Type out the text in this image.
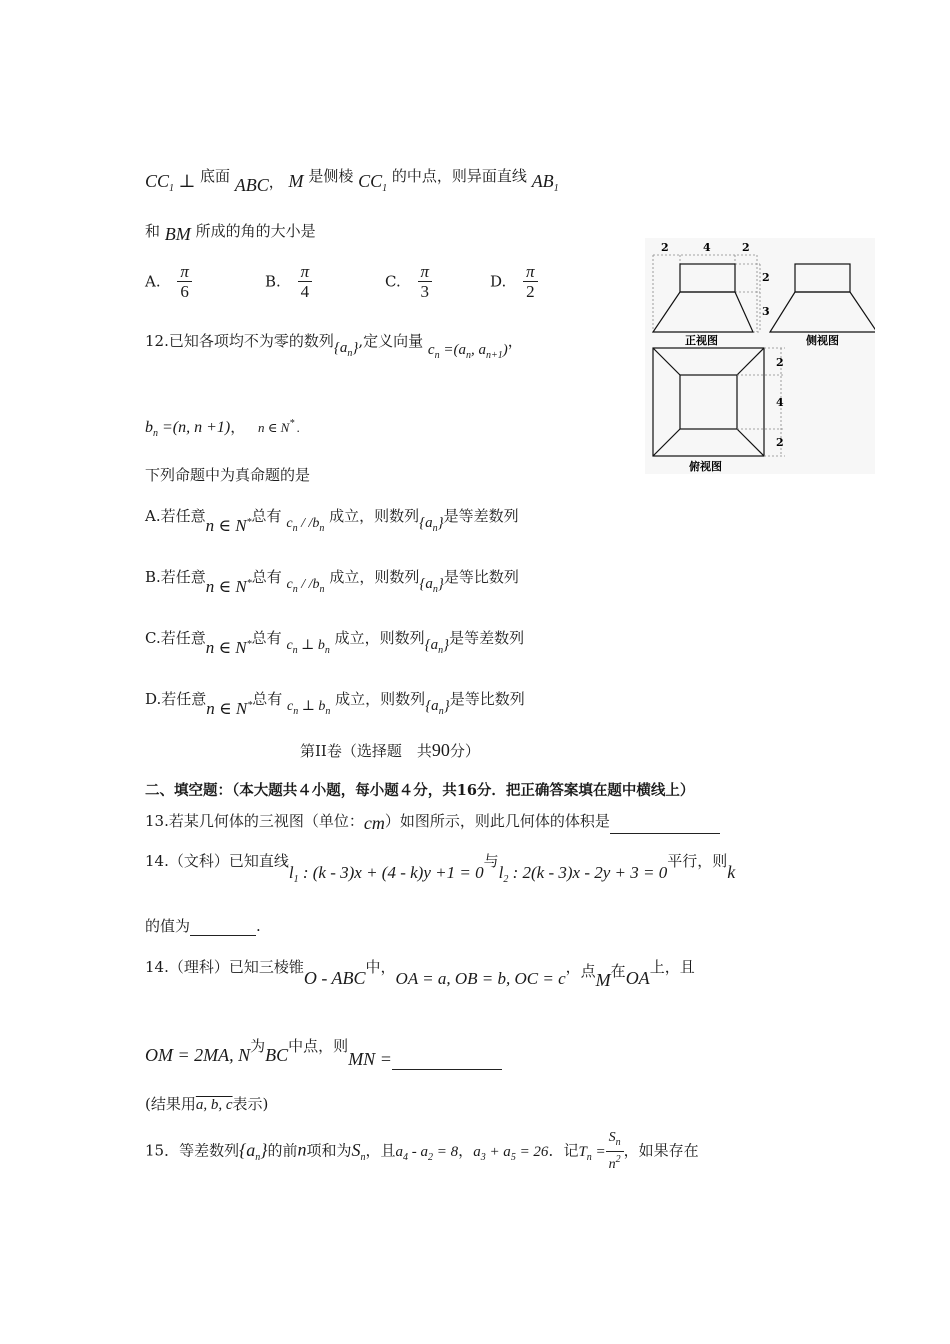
$CC_1$ ⊥ 底面 ABC， M 是侧棱 $CC_1$ 的中点，则异面直线 $AB_1$
和 BM 所成的角的大小是
A. $\frac{\pi}{6}$	B. $\frac{\pi}{4}$	C. $\frac{\pi}{3}$	D. $\frac{\pi}{2}$
12.已知各项均不为零的数列$\{a_n\}$,定义向量 $c_n =(a_n$, $a_{n+1}$)，
$b_n =(n$, n +1)， n ∈ N* .
下列命题中为真命题的是
A.若任意n ∈ N*总有 $c_n / /b_n$ 成立，则数列$\{a_n\}$是等差数列
B.若任意n ∈ N*总有 $c_n / /b_n$ 成立，则数列$\{a_n\}$是等比数列
C.若任意n ∈ N*总有 $c_n$ ⊥ $b_n$ 成立，则数列$\{a_n\}$是等差数列
D.若任意n ∈ N*总有 $c_n$ ⊥ $b_n$ 成立，则数列$\{a_n\}$是等比数列
第II卷（选择题　共90分）
二、填空题：（本大题共４小题，每小题４分，共16分．把正确答案填在题中横线上）
13.若某几何体的三视图（单位：cm）如图所示，则此几何体的体积是
14.（文科）已知直线$l_1$ : (k - 3)x + (4 - k)y +1 = 0与$l_2$ : 2(k - 3)x - 2y + 3 = 0平行，则k
的值为	.
14.（理科）已知三棱锥O - ABC中，OA = a, OB = b, OC = c，点M在OA上，且
OM = 2MA, N为BC中点，则MN =
(结果用a, b, c表示)
15．等差数列$\{a_n\}$的前n项和为$S_n$，且$a_4 - a_2 = 8$，$a_3 + a_5 = 26$．记$T_n = \frac{S_n}{n^2}$ ，如果存在
2	4	2
2
3
正视图	侧视图
2
4
2
俯视图
